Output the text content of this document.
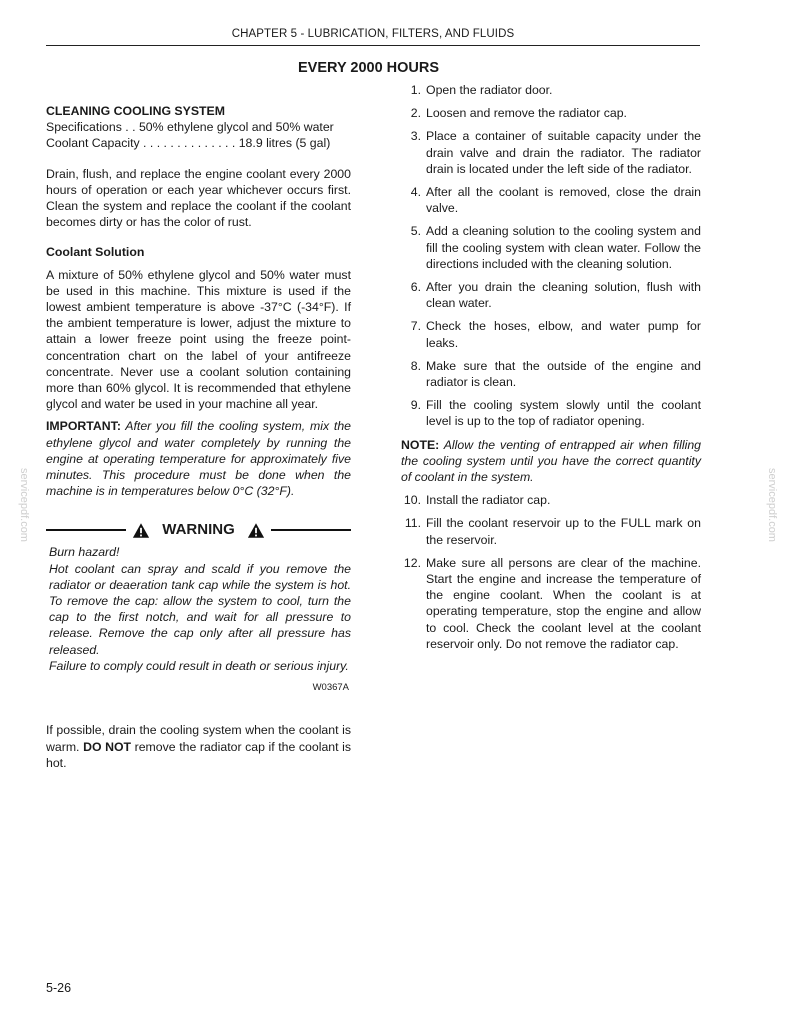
CHAPTER 5 - LUBRICATION, FILTERS, AND FLUIDS
EVERY 2000 HOURS
servicepdf.com	servicepdf.com

CLEANING COOLING SYSTEM

Specifications . . 50% ethylene glycol and 50% water

Coolant Capacity . . . . . . . . . . . . . . 18.9 litres (5 gal)

Drain, flush, and replace the engine coolant every 2000 hours of operation or each year whichever occurs first. Clean the system and replace the coolant if the coolant becomes dirty or has the color of rust.

Coolant Solution

A mixture of 50% ethylene glycol and 50% water must be used in this machine. This mixture is used if the lowest ambient temperature is above -37°C (-34°F). If the ambient temperature is lower, adjust the mixture to attain a lower freeze point using the freeze point-concentration chart on the label of your antifreeze concentrate. Never use a coolant solution containing more than 60% glycol. It is recommended that ethylene glycol and water be used in your machine all year.

IMPORTANT: After you fill the cooling system, mix the ethylene glycol and water completely by running the engine at operating temperature for approximately five minutes. This procedure must be done when the machine is in temperatures below 0°C (32°F).

WARNING

Burn hazard!

Hot coolant can spray and scald if you remove the radiator or deaeration tank cap while the system is hot. To remove the cap: allow the system to cool, turn the cap to the first notch, and wait for all pressure to release. Remove the cap only after all pressure has released.

Failure to comply could result in death or serious injury.

W0367A

If possible, drain the cooling system when the coolant is warm. DO NOT remove the radiator cap if the coolant is hot.

1. Open the radiator door.
2. Loosen and remove the radiator cap.
3. Place a container of suitable capacity under the drain valve and drain the radiator. The radiator drain is located under the left side of the radiator.
4. After all the coolant is removed, close the drain valve.
5. Add a cleaning solution to the cooling system and fill the cooling system with clean water. Follow the directions included with the cleaning solution.
6. After you drain the cleaning solution, flush with clean water.
7. Check the hoses, elbow, and water pump for leaks.
8. Make sure that the outside of the engine and radiator is clean.
9. Fill the cooling system slowly until the coolant level is up to the top of radiator opening.

NOTE: Allow the venting of entrapped air when filling the cooling system until you have the correct quantity of coolant in the system.

10. Install the radiator cap.
11. Fill the coolant reservoir up to the FULL mark on the reservoir.
12. Make sure all persons are clear of the machine. Start the engine and increase the temperature of the engine coolant. When the coolant is at operating temperature, stop the engine and allow to cool. Check the coolant level at the coolant reservoir only. Do not remove the radiator cap.
5-26
